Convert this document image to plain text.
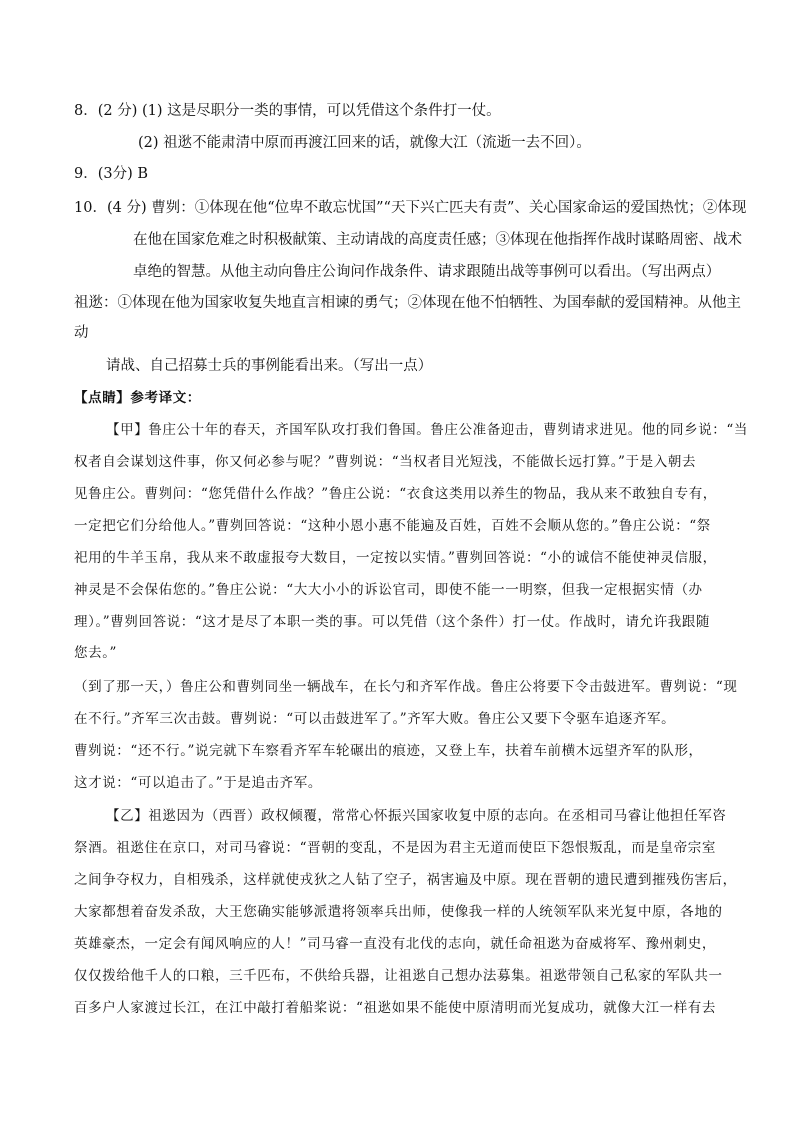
8．(2 分) (1) 这是尽职分一类的事情，可以凭借这个条件打一仗。
(2) 祖逖不能肃清中原而再渡江回来的话，就像大江（流逝一去不回）。
9．(3分) B
10．(4 分) 曹刿：①体现在他“位卑不敢忘忧国”“天下兴亡匹夫有责”、关心国家命运的爱国热忱；②体现
在他在国家危难之时积极献策、主动请战的高度责任感；③体现在他指挥作战时谋略周密、战术
卓绝的智慧。从他主动向鲁庄公询问作战条件、请求跟随出战等事例可以看出。（写出两点）
祖逖：①体现在他为国家收复失地直言相谏的勇气；②体现在他不怕牺牲、为国奉献的爱国精神。从他主
动
请战、自己招募士兵的事例能看出来。（写出一点）
【点睛】参考译文：
【甲】鲁庄公十年的春天，齐国军队攻打我们鲁国。鲁庄公准备迎击，曹刿请求进见。他的同乡说：“当
权者自会谋划这件事，你又何必参与呢？”曹刿说：“当权者目光短浅，不能做长远打算。”于是入朝去
见鲁庄公。曹刿问：“您凭借什么作战？”鲁庄公说：“衣食这类用以养生的物品，我从来不敢独自专有，
一定把它们分给他人。”曹刿回答说：“这种小恩小惠不能遍及百姓，百姓不会顺从您的。”鲁庄公说：“祭
祀用的牛羊玉帛，我从来不敢虚报夸大数目，一定按以实情。”曹刿回答说：“小的诚信不能使神灵信服，
神灵是不会保佑您的。”鲁庄公说：“大大小小的诉讼官司，即使不能一一明察，但我一定根据实情（办
理）。”曹刿回答说：“这才是尽了本职一类的事。可以凭借（这个条件）打一仗。作战时，请允许我跟随
您去。”
（到了那一天，）鲁庄公和曹刿同坐一辆战车，在长勺和齐军作战。鲁庄公将要下令击鼓进军。曹刿说：“现
在不行。”齐军三次击鼓。曹刿说：“可以击鼓进军了。”齐军大败。鲁庄公又要下令驱车追逐齐军。
曹刿说：“还不行。”说完就下车察看齐军车轮碾出的痕迹，又登上车，扶着车前横木远望齐军的队形，
这才说：“可以追击了。”于是追击齐军。
【乙】祖逖因为（西晋）政权倾覆，常常心怀振兴国家收复中原的志向。在丞相司马睿让他担任军咨
祭酒。祖逖住在京口，对司马睿说：“晋朝的变乱，不是因为君主无道而使臣下怨恨叛乱，而是皇帝宗室
之间争夺权力，自相残杀，这样就使戎狄之人钻了空子，祸害遍及中原。现在晋朝的遗民遭到摧残伤害后，
大家都想着奋发杀敌，大王您确实能够派遣将领率兵出师，使像我一样的人统领军队来光复中原，各地的
英雄豪杰，一定会有闻风响应的人！”司马睿一直没有北伐的志向，就任命祖逖为奋威将军、豫州刺史，
仅仅拨给他千人的口粮，三千匹布，不供给兵器，让祖逖自己想办法募集。祖逖带领自己私家的军队共一
百多户人家渡过长江，在江中敲打着船桨说：“祖逖如果不能使中原清明而光复成功，就像大江一样有去
